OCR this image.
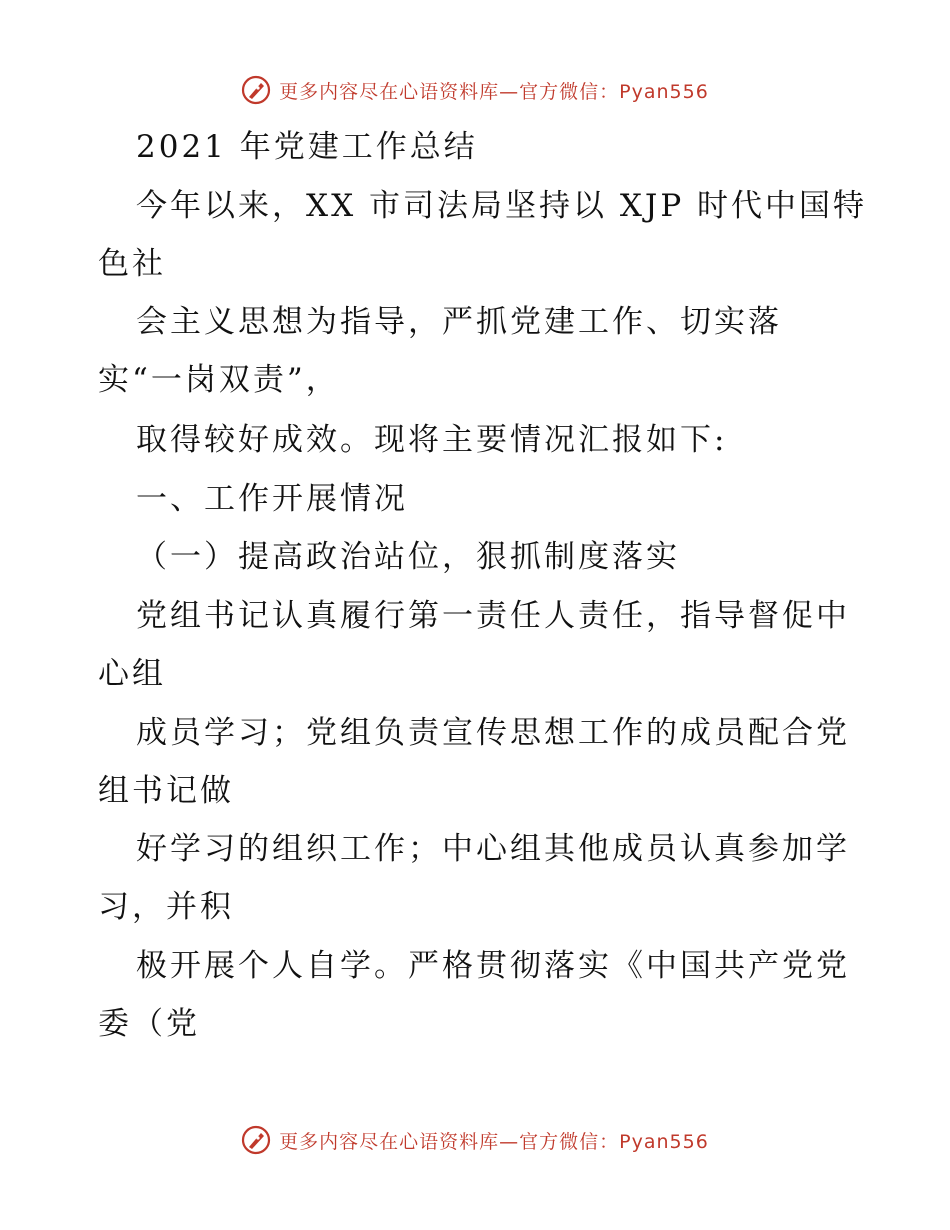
更多内容尽在心语资料库—官方微信：Pyan556
2021 年党建工作总结
今年以来，XX 市司法局坚持以 XJP 时代中国特
色社
会主义思想为指导，严抓党建工作、切实落
实“一岗双责”，
取得较好成效。现将主要情况汇报如下:
一、工作开展情况
（一）提高政治站位，狠抓制度落实
党组书记认真履行第一责任人责任，指导督促中
心组
成员学习；党组负责宣传思想工作的成员配合党
组书记做
好学习的组织工作；中心组其他成员认真参加学
习，并积
极开展个人自学。严格贯彻落实《中国共产党党
委（党
更多内容尽在心语资料库—官方微信：Pyan556
